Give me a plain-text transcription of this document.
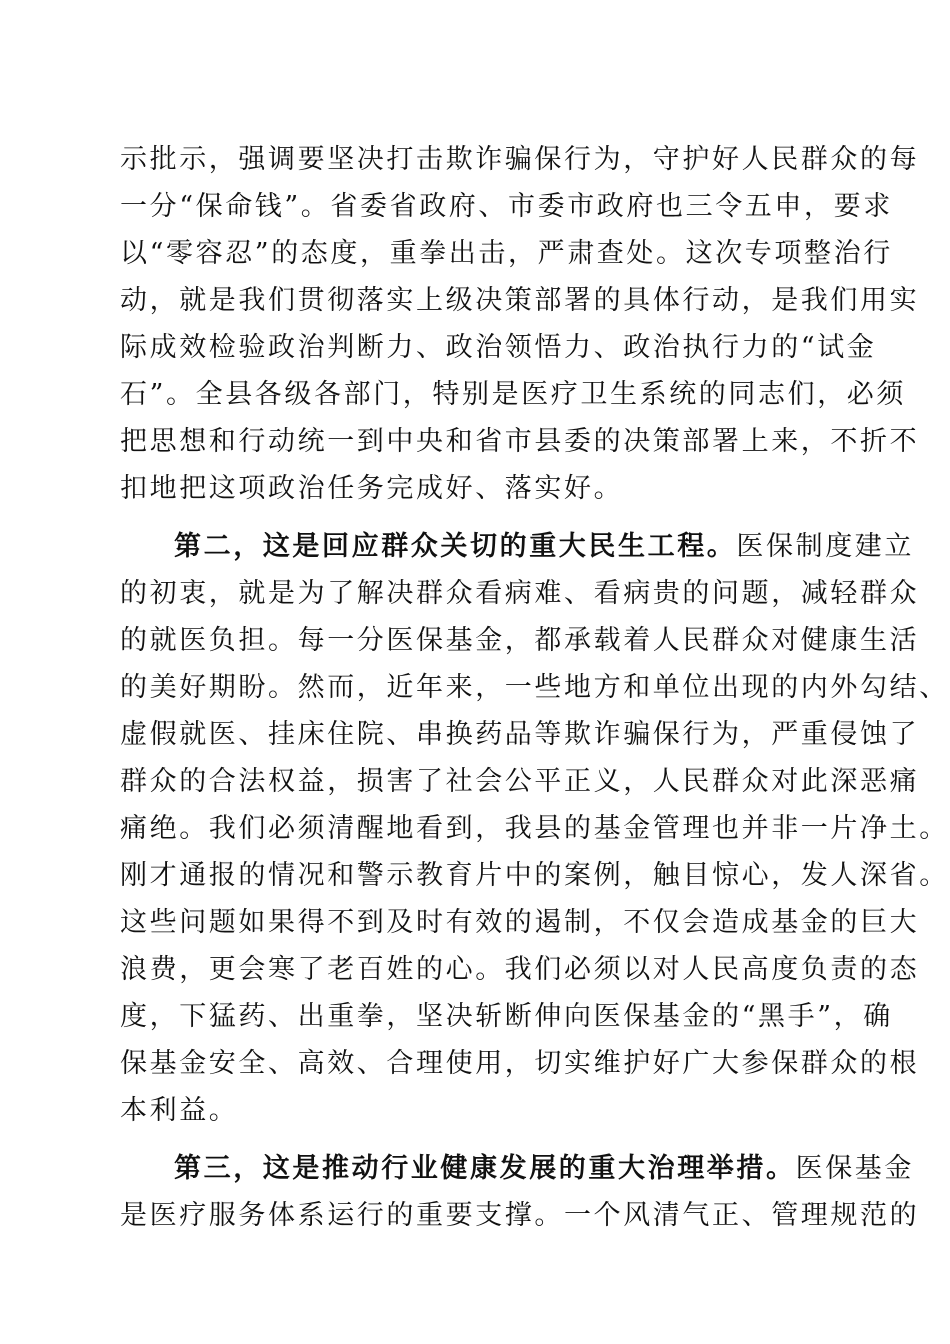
示批示，强调要坚决打击欺诈骗保行为，守护好人民群众的每
一分“保命钱”。省委省政府、市委市政府也三令五申，要求
以“零容忍”的态度，重拳出击，严肃查处。这次专项整治行
动，就是我们贯彻落实上级决策部署的具体行动，是我们用实
际成效检验政治判断力、政治领悟力、政治执行力的“试金
石”。全县各级各部门，特别是医疗卫生系统的同志们，必须
把思想和行动统一到中央和省市县委的决策部署上来，不折不
扣地把这项政治任务完成好、落实好。
第二，这是回应群众关切的重大民生工程。医保制度建立
的初衷，就是为了解决群众看病难、看病贵的问题，减轻群众
的就医负担。每一分医保基金，都承载着人民群众对健康生活
的美好期盼。然而，近年来，一些地方和单位出现的内外勾结、
虚假就医、挂床住院、串换药品等欺诈骗保行为，严重侵蚀了
群众的合法权益，损害了社会公平正义，人民群众对此深恶痛
痛绝。我们必须清醒地看到，我县的基金管理也并非一片净土。
刚才通报的情况和警示教育片中的案例，触目惊心，发人深省。
这些问题如果得不到及时有效的遏制，不仅会造成基金的巨大
浪费，更会寒了老百姓的心。我们必须以对人民高度负责的态
度，下猛药、出重拳，坚决斩断伸向医保基金的“黑手”，确
保基金安全、高效、合理使用，切实维护好广大参保群众的根
本利益。
第三，这是推动行业健康发展的重大治理举措。医保基金
是医疗服务体系运行的重要支撑。一个风清气正、管理规范的
